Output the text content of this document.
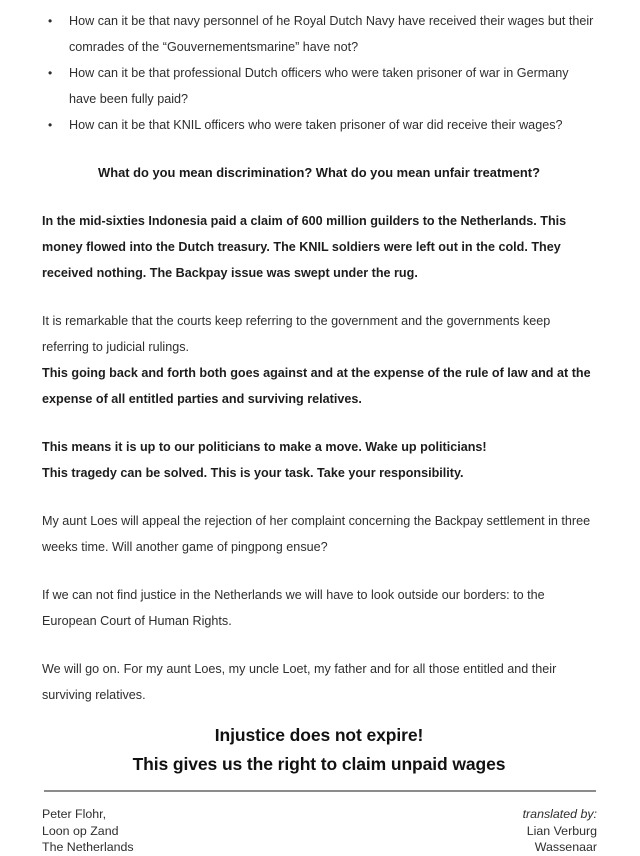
• How can it be that navy personnel of he Royal Dutch Navy have received their wages but their comrades of the “Gouvernementsmarine” have not?
• How can it be that professional Dutch officers who were taken prisoner of war in Germany have been fully paid?
• How can it be that KNIL officers who were taken prisoner of war did receive their wages?
What do you mean discrimination? What do you mean unfair treatment?

In the mid-sixties Indonesia paid a claim of 600 million guilders to the Netherlands. This money flowed into the Dutch treasury. The KNIL soldiers were left out in the cold. They received nothing. The Backpay issue was swept under the rug.

It is remarkable that the courts keep referring to the government and the governments keep referring to judicial rulings.

This going back and forth both goes against and at the expense of the rule of law and at the expense of all entitled parties and surviving relatives.

This means it is up to our politicians to make a move. Wake up politicians!

This tragedy can be solved. This is your task. Take your responsibility.

My aunt Loes will appeal the rejection of her complaint concerning the Backpay settlement in three weeks time. Will another game of pingpong ensue?

If we can not find justice in the Netherlands we will have to look outside our borders: to the European Court of Human Rights.

We will go on. For my aunt Loes, my uncle Loet, my father and for all those entitled and their surviving relatives.

Injustice does not expire!
This gives us the right to claim unpaid wages
Peter Flohr,
Loon op Zand
The Netherlands
translated by:
Lian Verburg
Wassenaar
